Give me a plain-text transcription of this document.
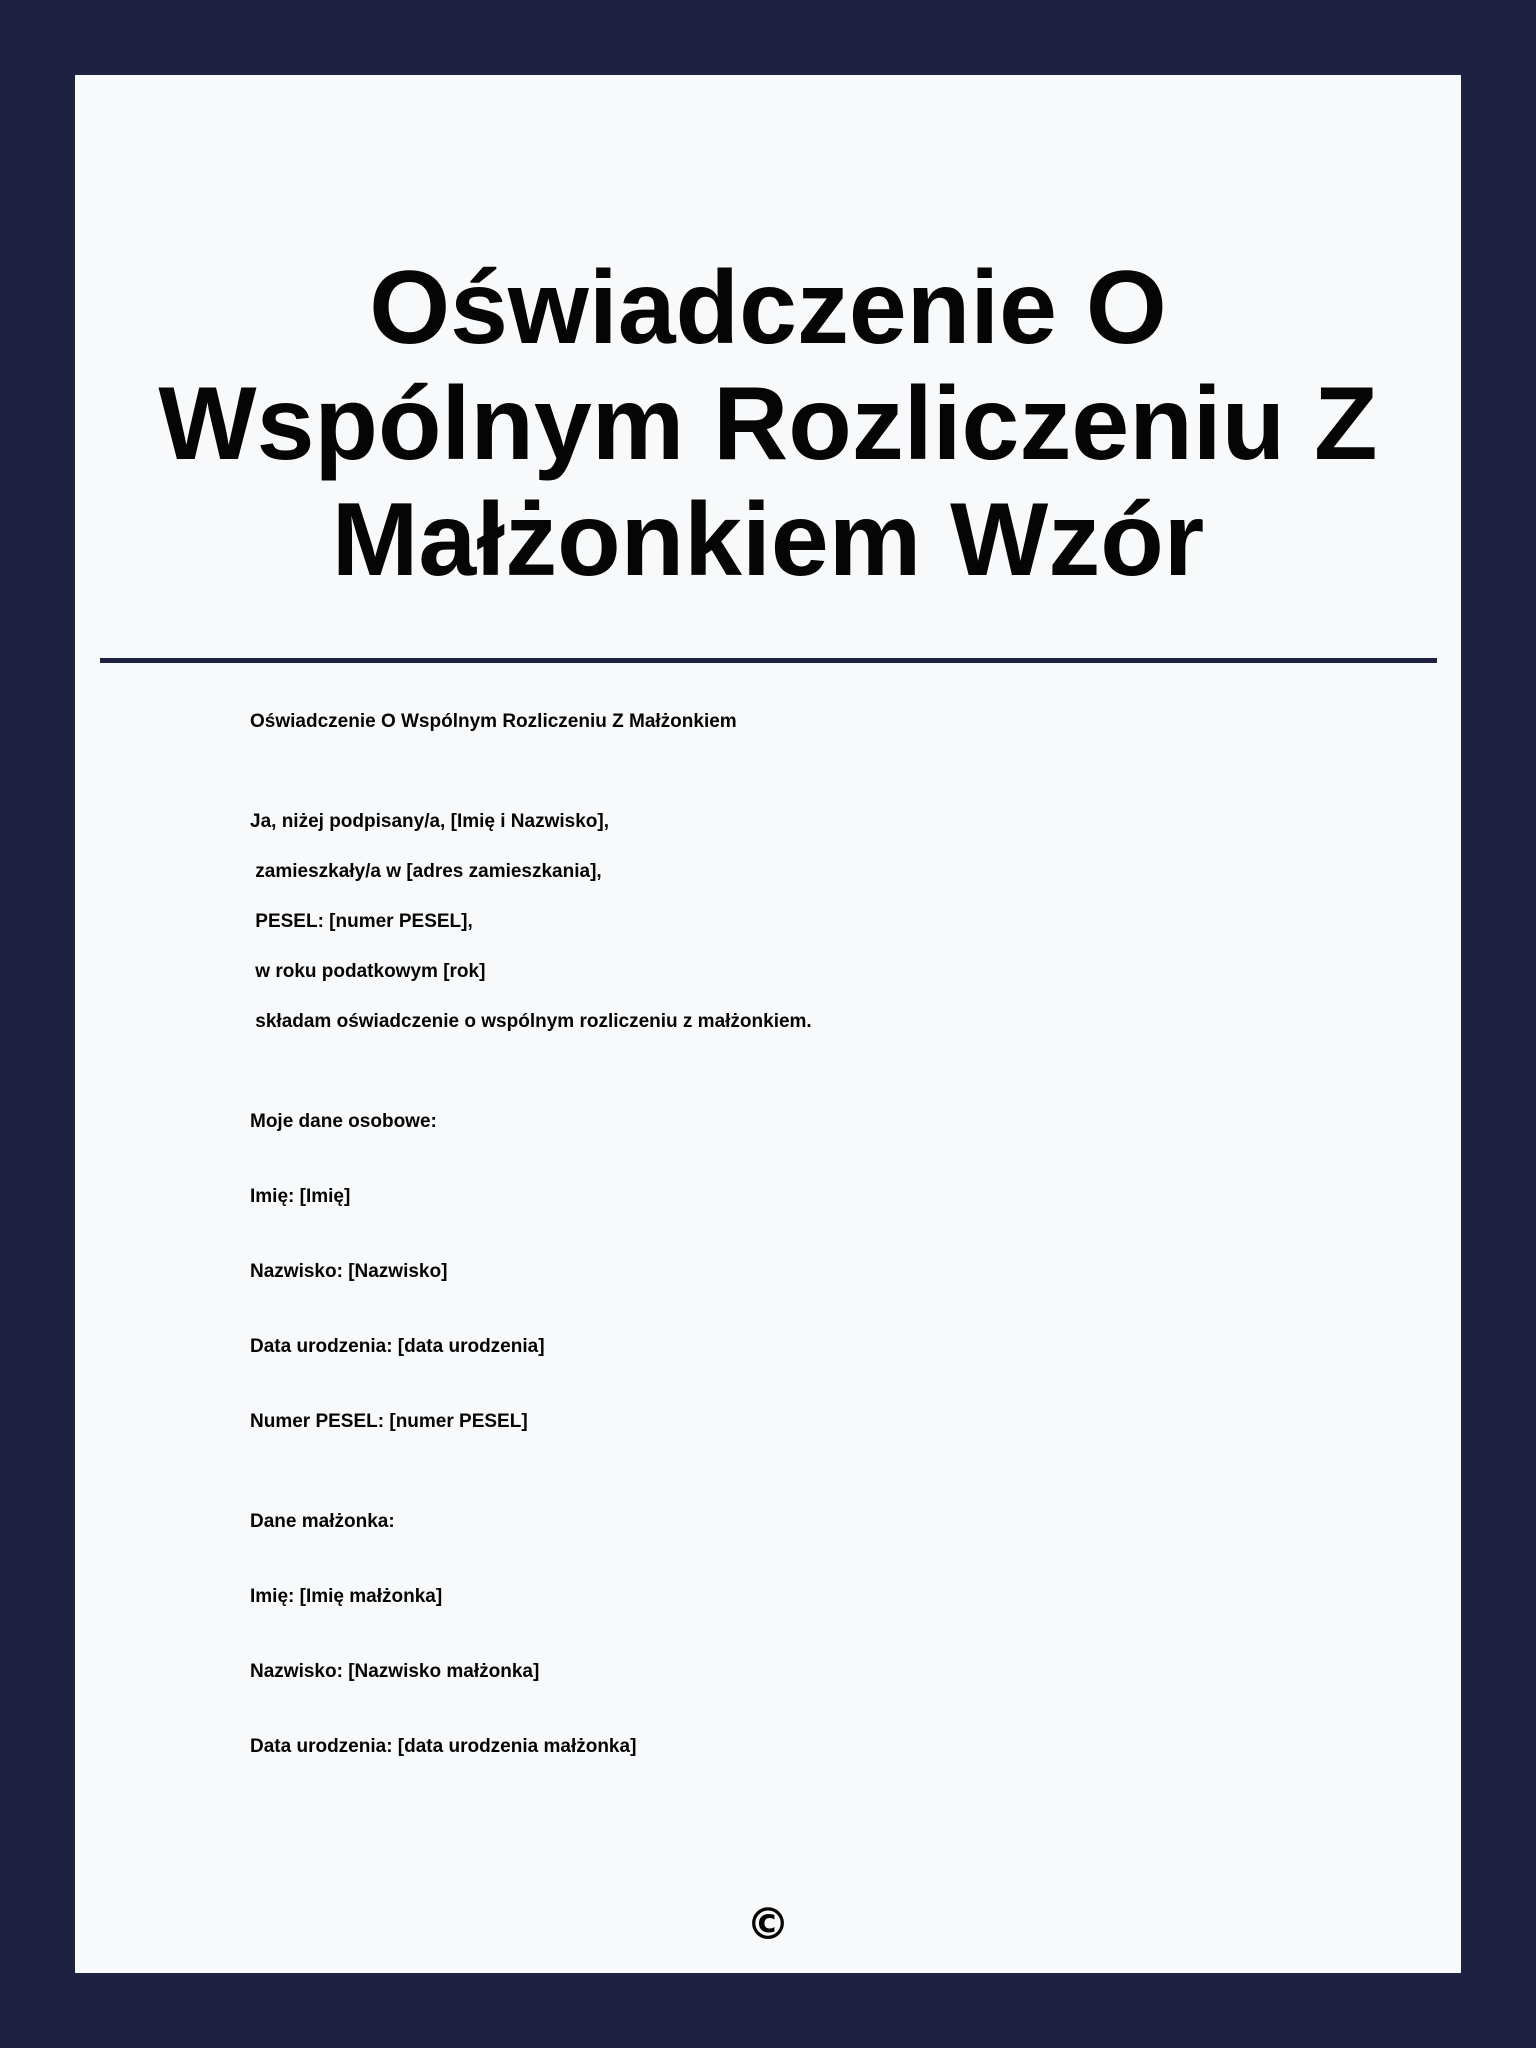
Oświadczenie O Wspólnym Rozliczeniu Z Małżonkiem Wzór
Oświadczenie O Wspólnym Rozliczeniu Z Małżonkiem
Ja, niżej podpisany/a, [Imię i Nazwisko],
zamieszkały/a w [adres zamieszkania],
PESEL: [numer PESEL],
w roku podatkowym [rok]
składam oświadczenie o wspólnym rozliczeniu z małżonkiem.
Moje dane osobowe:
Imię: [Imię]
Nazwisko: [Nazwisko]
Data urodzenia: [data urodzenia]
Numer PESEL: [numer PESEL]
Dane małżonka:
Imię: [Imię małżonka]
Nazwisko: [Nazwisko małżonka]
Data urodzenia: [data urodzenia małżonka]
©
